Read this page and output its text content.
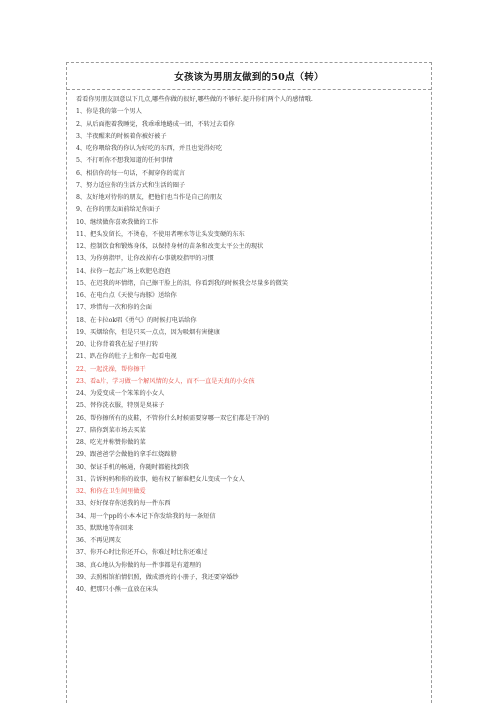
女孩该为男朋友做到的50点（转）
看看你男朋友回意以下几点,哪些你做的很好,哪些做的不够好.提升你们两个人的感情哦.
1、你是我的第一个男人
2、从后面抱着我睡觉，我乖乖地蜷成一团，不转过去看你
3、半夜醒来的时候着你被好被子
4、吃你喂给我的你认为好吃的东西，并且也觉得好吃
5、不打听你不想我知道的任何事情
6、相信你的每一句话，不揭穿你的谎言
7、努力适应你的生活方式和生活的圈子
8、友好地对待你的朋友，把他们也当作是自己的朋友
9、在你的朋友面前给足你面子
10、继续做你喜欢我做的工作
11、把头发留长，不烫卷，不使用者哩水等让头发变硬的东东
12、控制饮食和锻炼身体，以保持身材的苗条和改变太平公主的现状
13、为你剪指甲，让你改掉有心事就咬指甲的习惯
14、拉你一起去广场上吹肥皂泡泡
15、在迟我的坏情绪，自己擦干脸上的泪，你看到我的时候我会尽量多的微笑
16、在电台点《天使与海豚》送给你
17、珍惜每一次和你的会面
18、在卡拉ok唱《勇气》的时候打电话给你
19、买烟给你，但是只买一点点，因为吸烟有害健康
20、让你背着我在屋子里打转
21、趴在你的肚子上和你一起看电视
22、一起洗澡，帮你擦干
23、看a片，学习做一个解风情的女人，而不一直是天真的小女孩
24、为爱变成一个笨笨的小女人
25、替你洗衣服，特别是臭袜子
26、帮你擦所有的皮鞋，不管你什么时候需要穿哪一双它们都是干净的
27、陪你到菜市场去买菜
28、吃光并称赞你做的菜
29、跟爸爸学会做他的拿手红烧蹄膀
30、保证手机的畅通，你随时都能找到我
31、告诉妈妈和你的故事，她有权了解谁把女儿变成一个女人
32、和你在卫生间里做爱
33、好好保存你送我的每一件东西
34、用一个pp的小本本记下你发给我的每一条短信
35、默默地等你回来
36、不再见网友
37、你开心时比你还开心，你难过时比你还难过
38、真心地认为你做的每一件事都是有道理的
39、去照相馆拍情侣照，做成漂亮的小册子，我还要穿婚纱
40、把那只小熊一直放在床头
